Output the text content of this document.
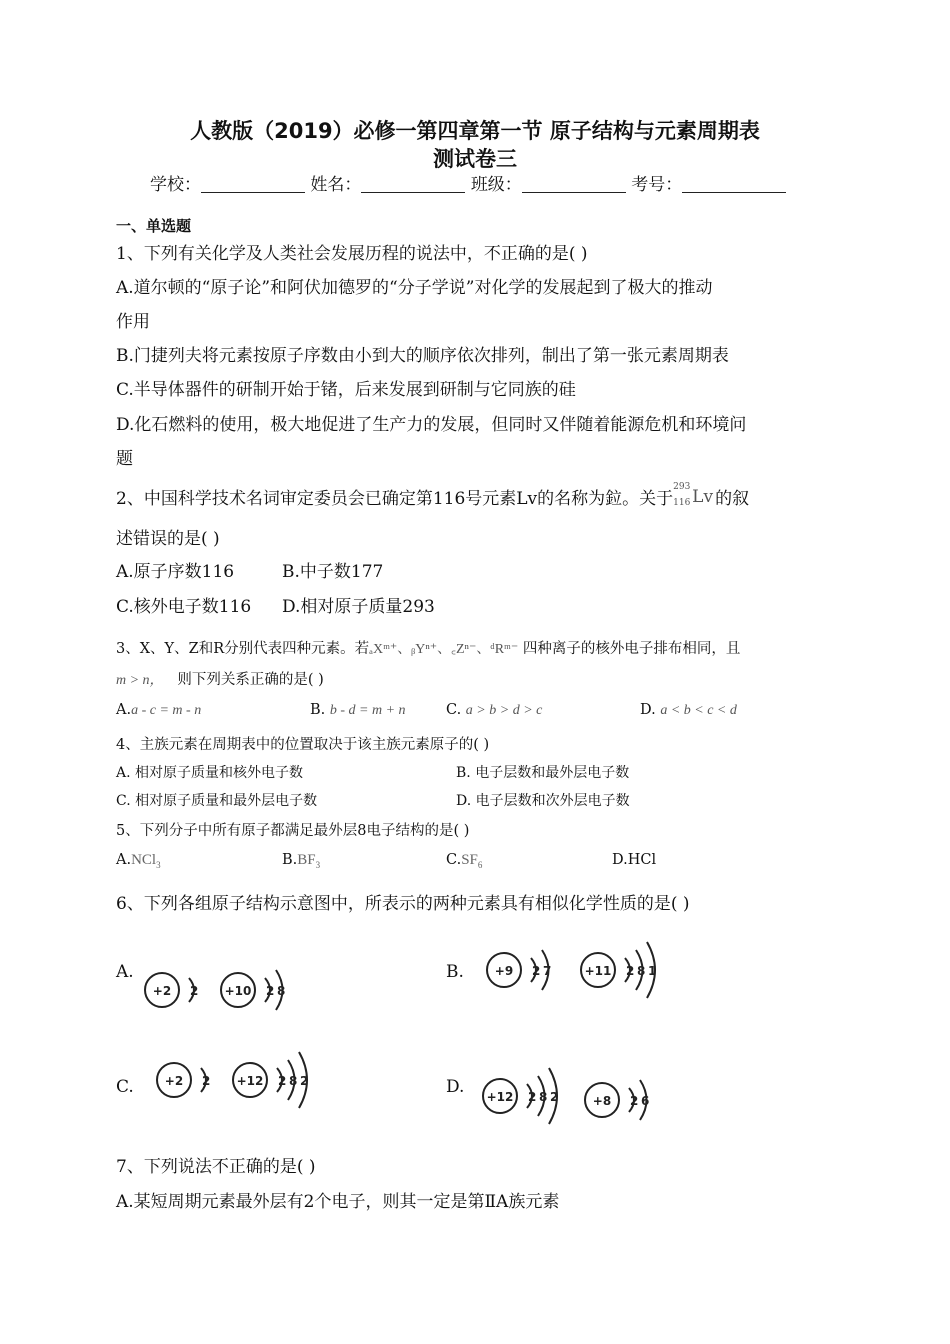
人教版（2019）必修一第四章第一节 原子结构与元素周期表
测试卷三
学校：	姓名：	班级：	考号：
一、单选题
1、下列有关化学及人类社会发展历程的说法中，不正确的是( )
A.道尔顿的“原子论”和阿伏加德罗的“分子学说”对化学的发展起到了极大的推动
作用
B.门捷列夫将元素按原子序数由小到大的顺序依次排列，制出了第一张元素周期表
C.半导体器件的研制开始于锗，后来发展到研制与它同族的硅
D.化石燃料的使用，极大地促进了生产力的发展，但同时又伴随着能源危机和环境问
题
2、中国科学技术名词审定委员会已确定第116号元素Lv的名称为鉝。关于
293
116 Lv 的叙
述错误的是( )
A.原子序数116	B.中子数177
C.核外电子数116 D.相对原子质量293
3、X、Y、Z和R分别代表四种元素。若ₐXᵐ⁺、ᵦYⁿ⁺、꜀Zⁿ⁻、ᵈRᵐ⁻ 四种离子的核外电子排布相同，且
m > n， 则下列关系正确的是( )
A.a - c = m - n	B. b - d = m + n	C. a > b > d > c	D. a < b < c < d
4、主族元素在周期表中的位置取决于该主族元素原子的( )
A. 相对原子质量和核外电子数	B. 电子层数和最外层电子数
C. 相对原子质量和最外层电子数	D. 电子层数和次外层电子数
5、下列分子中所有原子都满足最外层8电子结构的是( )
A.NCl$_3$	$B.BF_3$	$C.SF_6$	D.HCl
6、下列各组原子结构示意图中，所表示的两种元素具有相似化学性质的是( )
A.	B.
C.	D.
+2 2 +10 2 8
+9 2 7	+11 2 8 1
+2 2 +12 2 8 2
+12 2 8 2	+8 2 6
7、下列说法不正确的是( )
A.某短周期元素最外层有2个电子，则其一定是第ⅡA族元素
